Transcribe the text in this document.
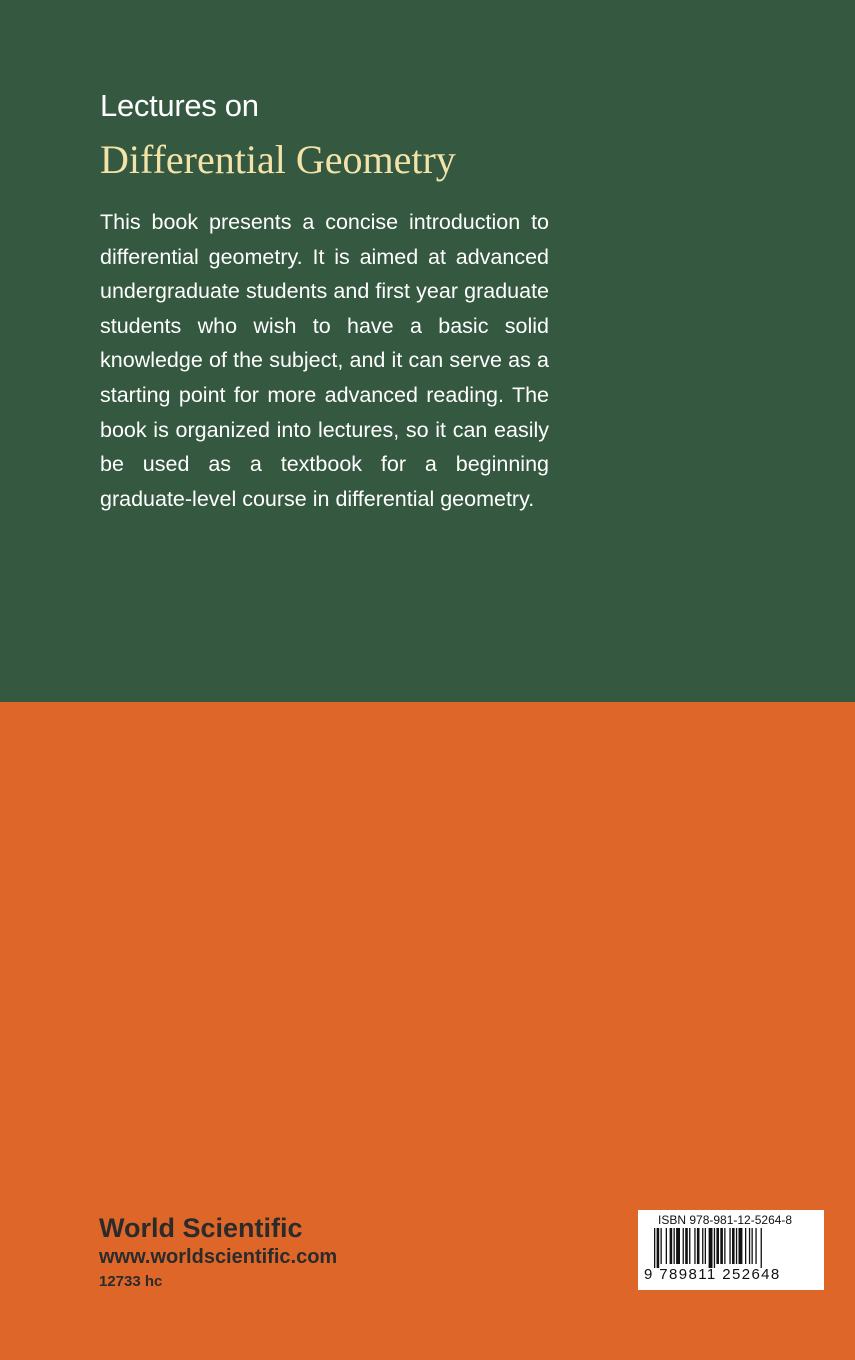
Lectures on
Differential Geometry

This book presents a concise introduction to differential geometry. It is aimed at advanced undergraduate students and first year graduate students who wish to have a basic solid knowledge of the subject, and it can serve as a starting point for more advanced reading. The book is organized into lectures, so it can easily be used as a textbook for a beginning graduate-level course in differential geometry.

World Scientific
www.worldscientific.com
12733 hc
ISBN 978-981-12-5264-8
9 789811 252648
